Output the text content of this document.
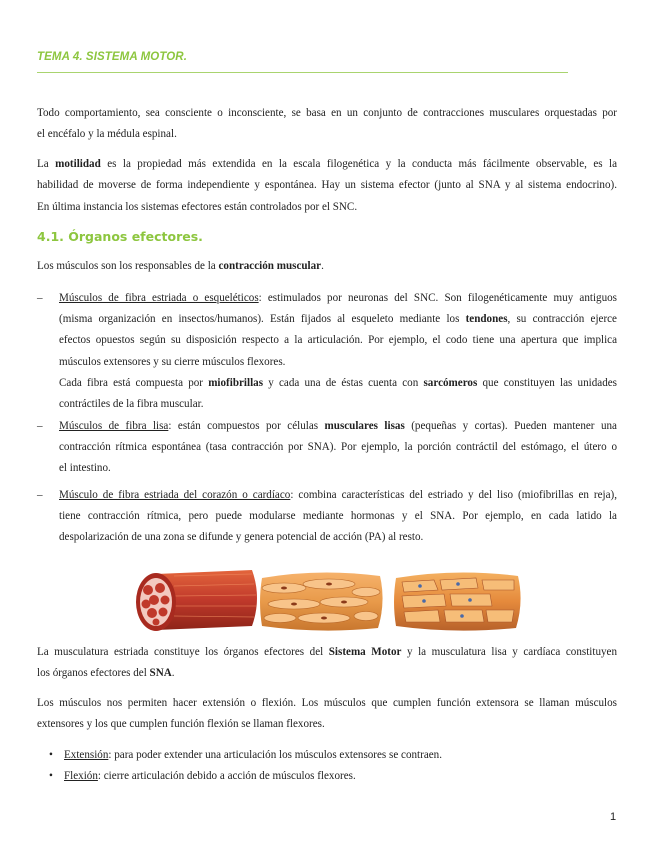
TEMA 4. SISTEMA MOTOR.
Todo comportamiento, sea consciente o inconsciente, se basa en un conjunto de contracciones musculares orquestadas por
el encéfalo y la médula espinal.
La motilidad es la propiedad más extendida en la escala filogenética y la conducta más fácilmente observable, es la
habilidad de moverse de forma independiente y espontánea. Hay un sistema efector (junto al SNA y al sistema endocrino).
En última instancia los sistemas efectores están controlados por el SNC.
4.1. Órganos efectores.
Los músculos son los responsables de la contracción muscular.
–	Músculos de fibra estriada o esqueléticos: estimulados por neuronas del SNC. Son filogenéticamente muy antiguos
(misma organización en insectos/humanos). Están fijados al esqueleto mediante los tendones, su contracción ejerce
efectos opuestos según su disposición respecto a la articulación. Por ejemplo, el codo tiene una apertura que implica
músculos extensores y su cierre músculos flexores.
Cada fibra está compuesta por miofibrillas y cada una de éstas cuenta con sarcómeros que constituyen las unidades
contráctiles de la fibra muscular.
–	Músculos de fibra lisa: están compuestos por células musculares lisas (pequeñas y cortas). Pueden mantener una
contracción rítmica espontánea (tasa contracción por SNA). Por ejemplo, la porción contráctil del estómago, el útero o
el intestino.
–	Músculo de fibra estriada del corazón o cardíaco: combina características del estriado y del liso (miofibrillas en reja),
tiene contracción rítmica, pero puede modularse mediante hormonas y el SNA. Por ejemplo, en cada latido la
despolarización de una zona se difunde y genera potencial de acción (PA) al resto.
La musculatura estriada constituye los órganos efectores del Sistema Motor y la musculatura lisa y cardíaca constituyen
los órganos efectores del SNA.
Los músculos nos permiten hacer extensión o flexión. Los músculos que cumplen función extensora se llaman músculos
extensores y los que cumplen función flexión se llaman flexores.
• Extensión: para poder extender una articulación los músculos extensores se contraen.
• Flexión: cierre articulación debido a acción de músculos flexores.
1
